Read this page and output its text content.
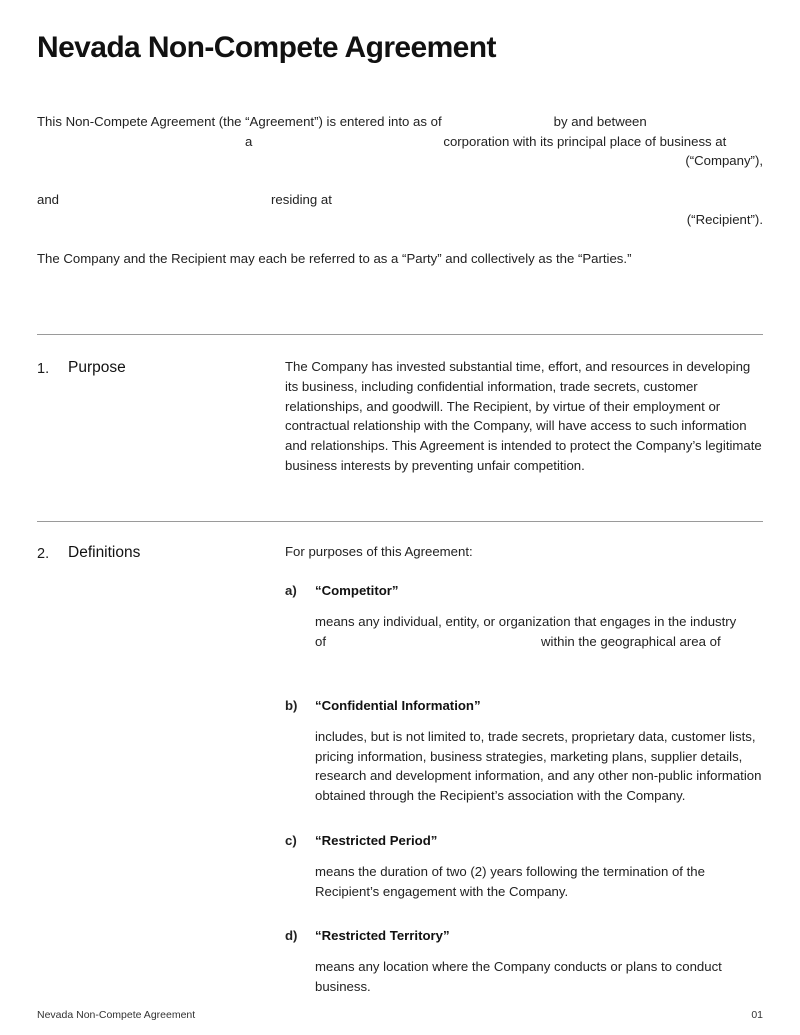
Nevada Non-Compete Agreement
This Non-Compete Agreement (the “Agreement”) is entered into as of	by and between
a	corporation with its principal place of business at
(“Company”),
and	residing at
(“Recipient”).

The Company and the Recipient may each be referred to as a “Party” and collectively as the “Parties.”

1. Purpose	The Company has invested substantial time, effort, and resources in developing its business, including confidential information, trade secrets, customer relationships, and goodwill. The Recipient, by virtue of their employment or contractual relationship with the Company, will have access to such information and relationships. This Agreement is intended to protect the Company’s legitimate business interests by preventing unfair competition.

2. Definitions	For purposes of this Agreement:

a) “Competitor”

means any individual, entity, or organization that engages in the industry

of	within the geographical area of
b) “Confidential Information”

includes, but is not limited to, trade secrets, proprietary data, customer lists, pricing information, business strategies, marketing plans, supplier details, research and development information, and any other non-public information obtained through the Recipient’s association with the Company.

c) “Restricted Period”

means the duration of two (2) years following the termination of the Recipient’s engagement with the Company.

d) “Restricted Territory”

means any location where the Company conducts or plans to conduct business.

Nevada Non-Compete Agreement	01
